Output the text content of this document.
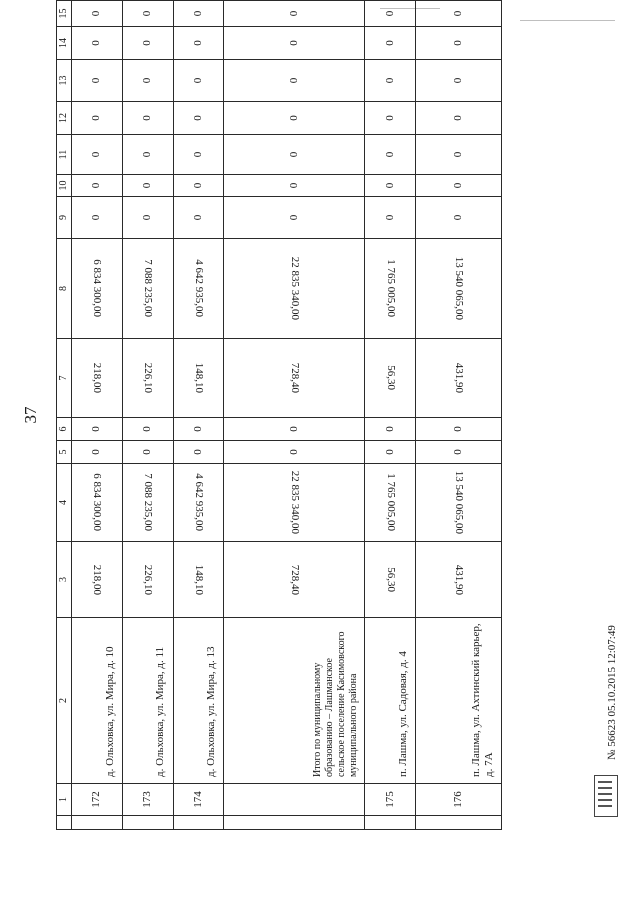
37
	1	2	3	4	5	6	7	8	9	10	11	12	13	14	15	
	172	д. Ольховка, ул. Мира, д. 10	218,00	6 834 300,00	0	0	218,00	6 834 300,00	0	0	0	0	0	0	0	
	173	д. Ольховка, ул. Мира, д. 11	226,10	7 088 235,00	0	0	226,10	7 088 235,00	0	0	0	0	0	0	0	
	174	д. Ольховка, ул. Мира, д. 13	148,10	4 642 935,00	0	0	148,10	4 642 935,00	0	0	0	0	0	0	0	
		Итого по муниципальному образованию – Лашманское сельское поселение Касимовского муниципального района	728,40	22 835 340,00	0	0	728,40	22 835 340,00	0	0	0	0	0	0	0	
	175	п. Лашма, ул. Садовая, д. 4	56,30	1 765 005,00	0	0	56,30	1 765 005,00	0	0	0	0	0	0	0	
	176	п. Лашма, ул. Ахтинский карьер, д. 7А	431,90	13 540 065,00	0	0	431,90	13 540 065,00	0	0	0	0	0	0	0	
№ 56623 05.10.2015 12:07:49
